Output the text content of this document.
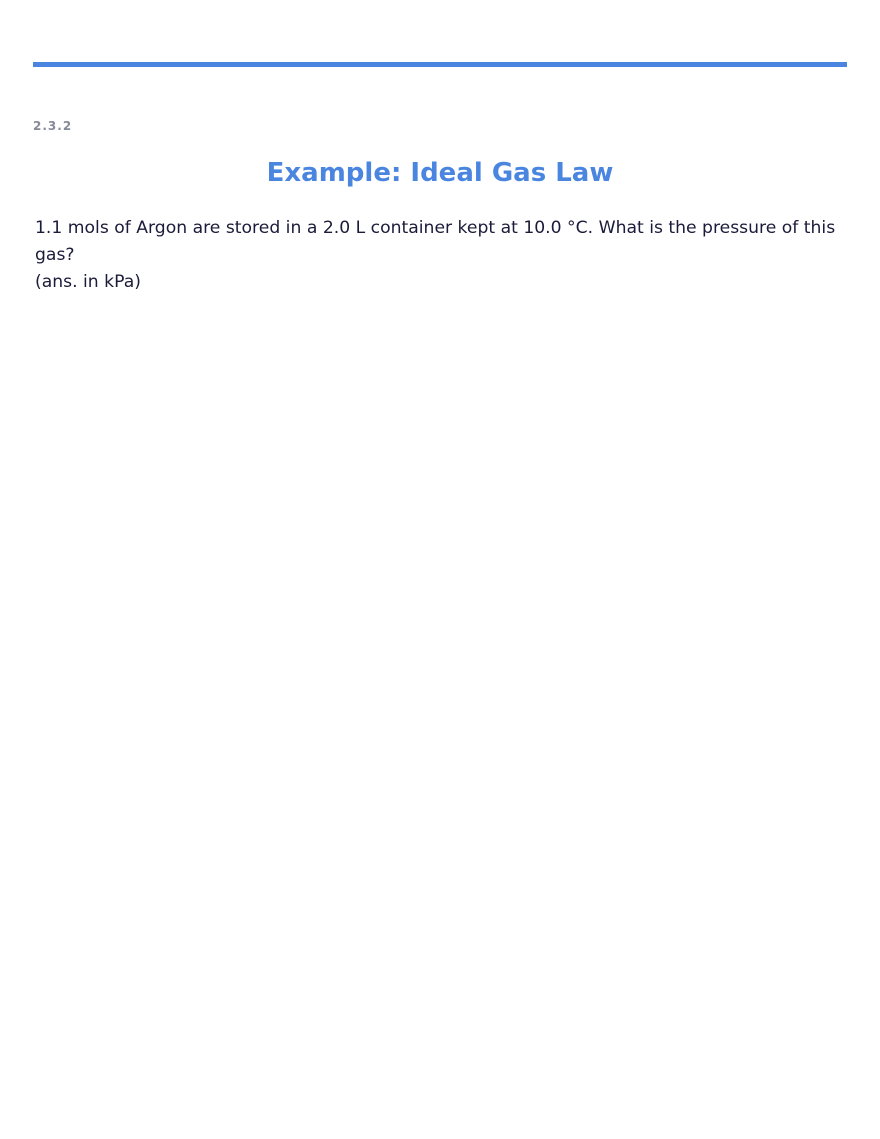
2.3.2
Example: Ideal Gas Law

1.1 mols of Argon are stored in a 2.0 L container kept at 10.0 °C. What is the pressure of this gas?
(ans. in kPa)
